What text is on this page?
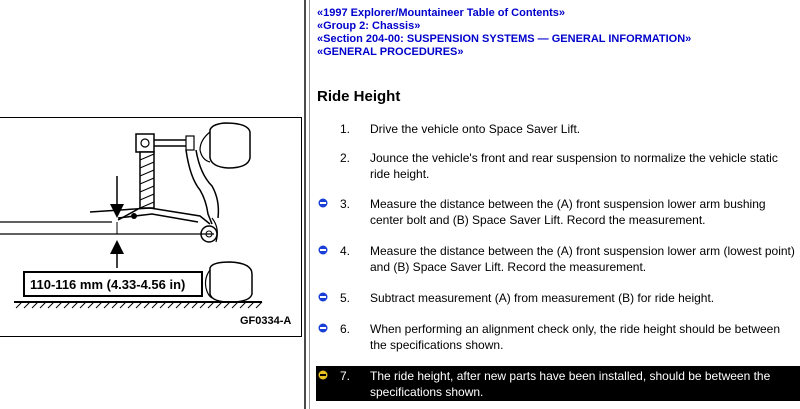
110-116 mm (4.33-4.56 in)
GF0334-A
«1997 Explorer/Mountaineer Table of Contents»
«Group 2: Chassis»
«Section 204-00: SUSPENSION SYSTEMS — GENERAL INFORMATION»
«GENERAL PROCEDURES»
Ride Height
1. Drive the vehicle onto Space Saver Lift.
2. Jounce the vehicle's front and rear suspension to normalize the vehicle static ride height.
3. Measure the distance between the (A) front suspension lower arm bushing center bolt and (B) Space Saver Lift. Record the measurement.
4. Measure the distance between the (A) front suspension lower arm (lowest point) and (B) Space Saver Lift. Record the measurement.
5. Subtract measurement (A) from measurement (B) for ride height.
6. When performing an alignment check only, the ride height should be between the specifications shown.
7. The ride height, after new parts have been installed, should be between the specifications shown.
